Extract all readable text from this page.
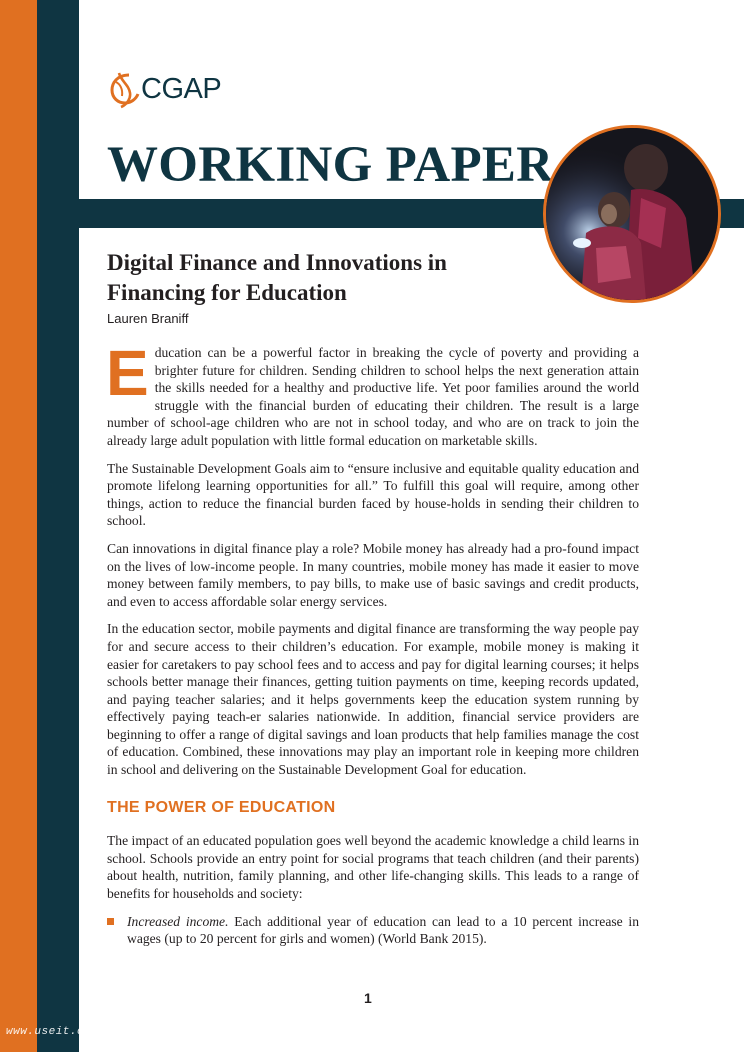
CGAP
WORKING PAPER
Digital Finance and Innovations in Financing for Education
Lauren Braniff

Education can be a powerful factor in breaking the cycle of poverty and providing a brighter future for children. Sending children to school helps the next generation attain the skills needed for a healthy and productive life. Yet poor families around the world struggle with the financial burden of educating their children. The result is a large number of school-age children who are not in school today, and who are on track to join the already large adult population with little formal education on marketable skills.

The Sustainable Development Goals aim to “ensure inclusive and equitable quality education and promote lifelong learning opportunities for all.” To fulfill this goal will require, among other things, action to reduce the financial burden faced by house-holds in sending their children to school.

Can innovations in digital finance play a role? Mobile money has already had a pro-found impact on the lives of low-income people. In many countries, mobile money has made it easier to move money between family members, to pay bills, to make use of basic savings and credit products, and even to access affordable solar energy services.

In the education sector, mobile payments and digital finance are transforming the way people pay for and secure access to their children’s education. For example, mobile money is making it easier for caretakers to pay school fees and to access and pay for digital learning courses; it helps schools better manage their finances, getting tuition payments on time, keeping records updated, and paying teacher salaries; and it helps governments keep the education system running by effectively paying teach-er salaries nationwide. In addition, financial service providers are beginning to offer a range of digital savings and loan products that help families manage the cost of education. Combined, these innovations may play an important role in keeping more children in school and delivering on the Sustainable Development Goal for education.

THE POWER OF EDUCATION

The impact of an educated population goes well beyond the academic knowledge a child learns in school. Schools provide an entry point for social programs that teach children (and their parents) about health, nutrition, family planning, and other life-changing skills. This leads to a range of benefits for households and society:

Increased income. Each additional year of education can lead to a 10 percent increase in wages (up to 20 percent for girls and women) (World Bank 2015).
1
www.useit.com.cn
